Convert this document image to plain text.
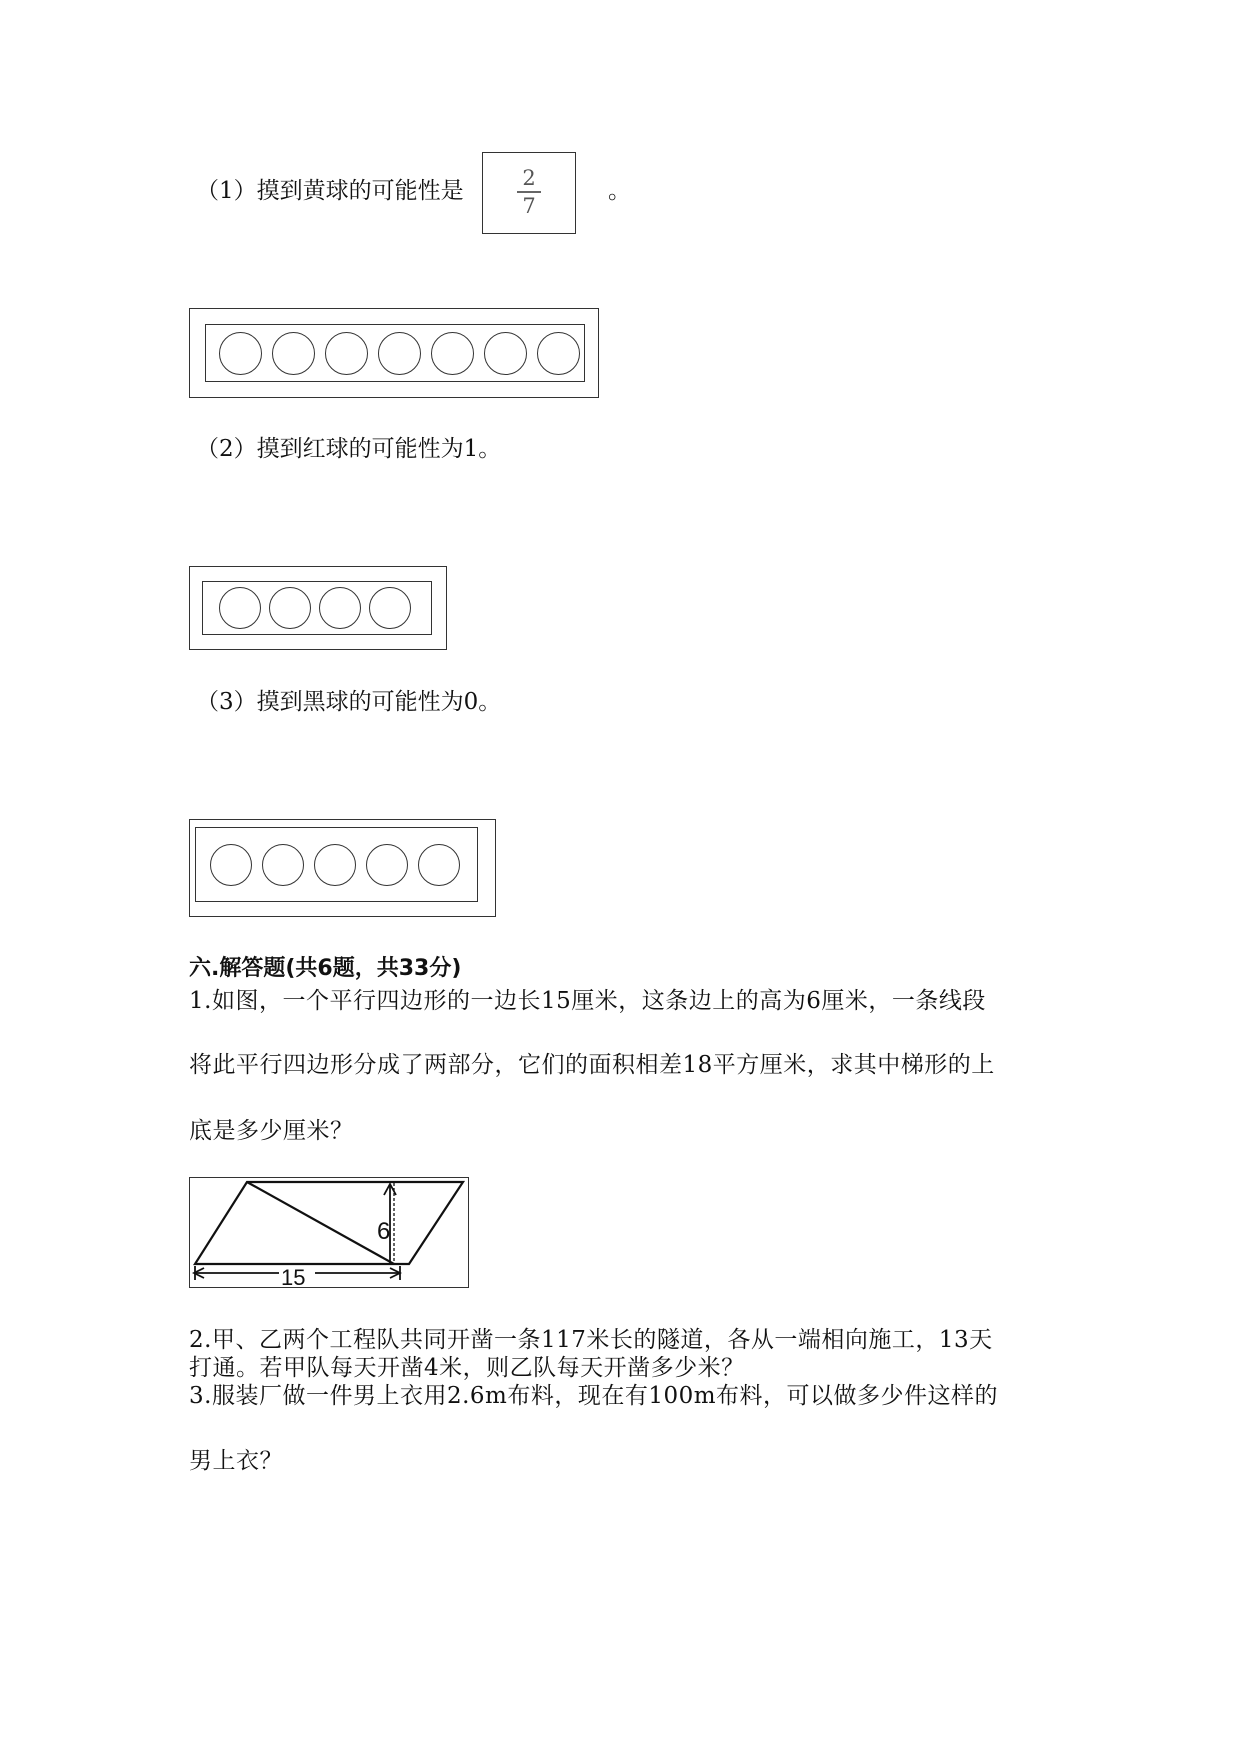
（1）摸到黄球的可能性是	2
7
。
（2）摸到红球的可能性为1。
（3）摸到黑球的可能性为0。
六.解答题(共6题，共33分)
1.如图，一个平行四边形的一边长15厘米，这条边上的高为6厘米，一条线段
将此平行四边形分成了两部分，它们的面积相差18平方厘米，求其中梯形的上
底是多少厘米？
6
15
2.甲、乙两个工程队共同开凿一条117米长的隧道，各从一端相向施工，13天
打通。若甲队每天开凿4米，则乙队每天开凿多少米？
3.服装厂做一件男上衣用2.6m布料，现在有100m布料，可以做多少件这样的
男上衣？
